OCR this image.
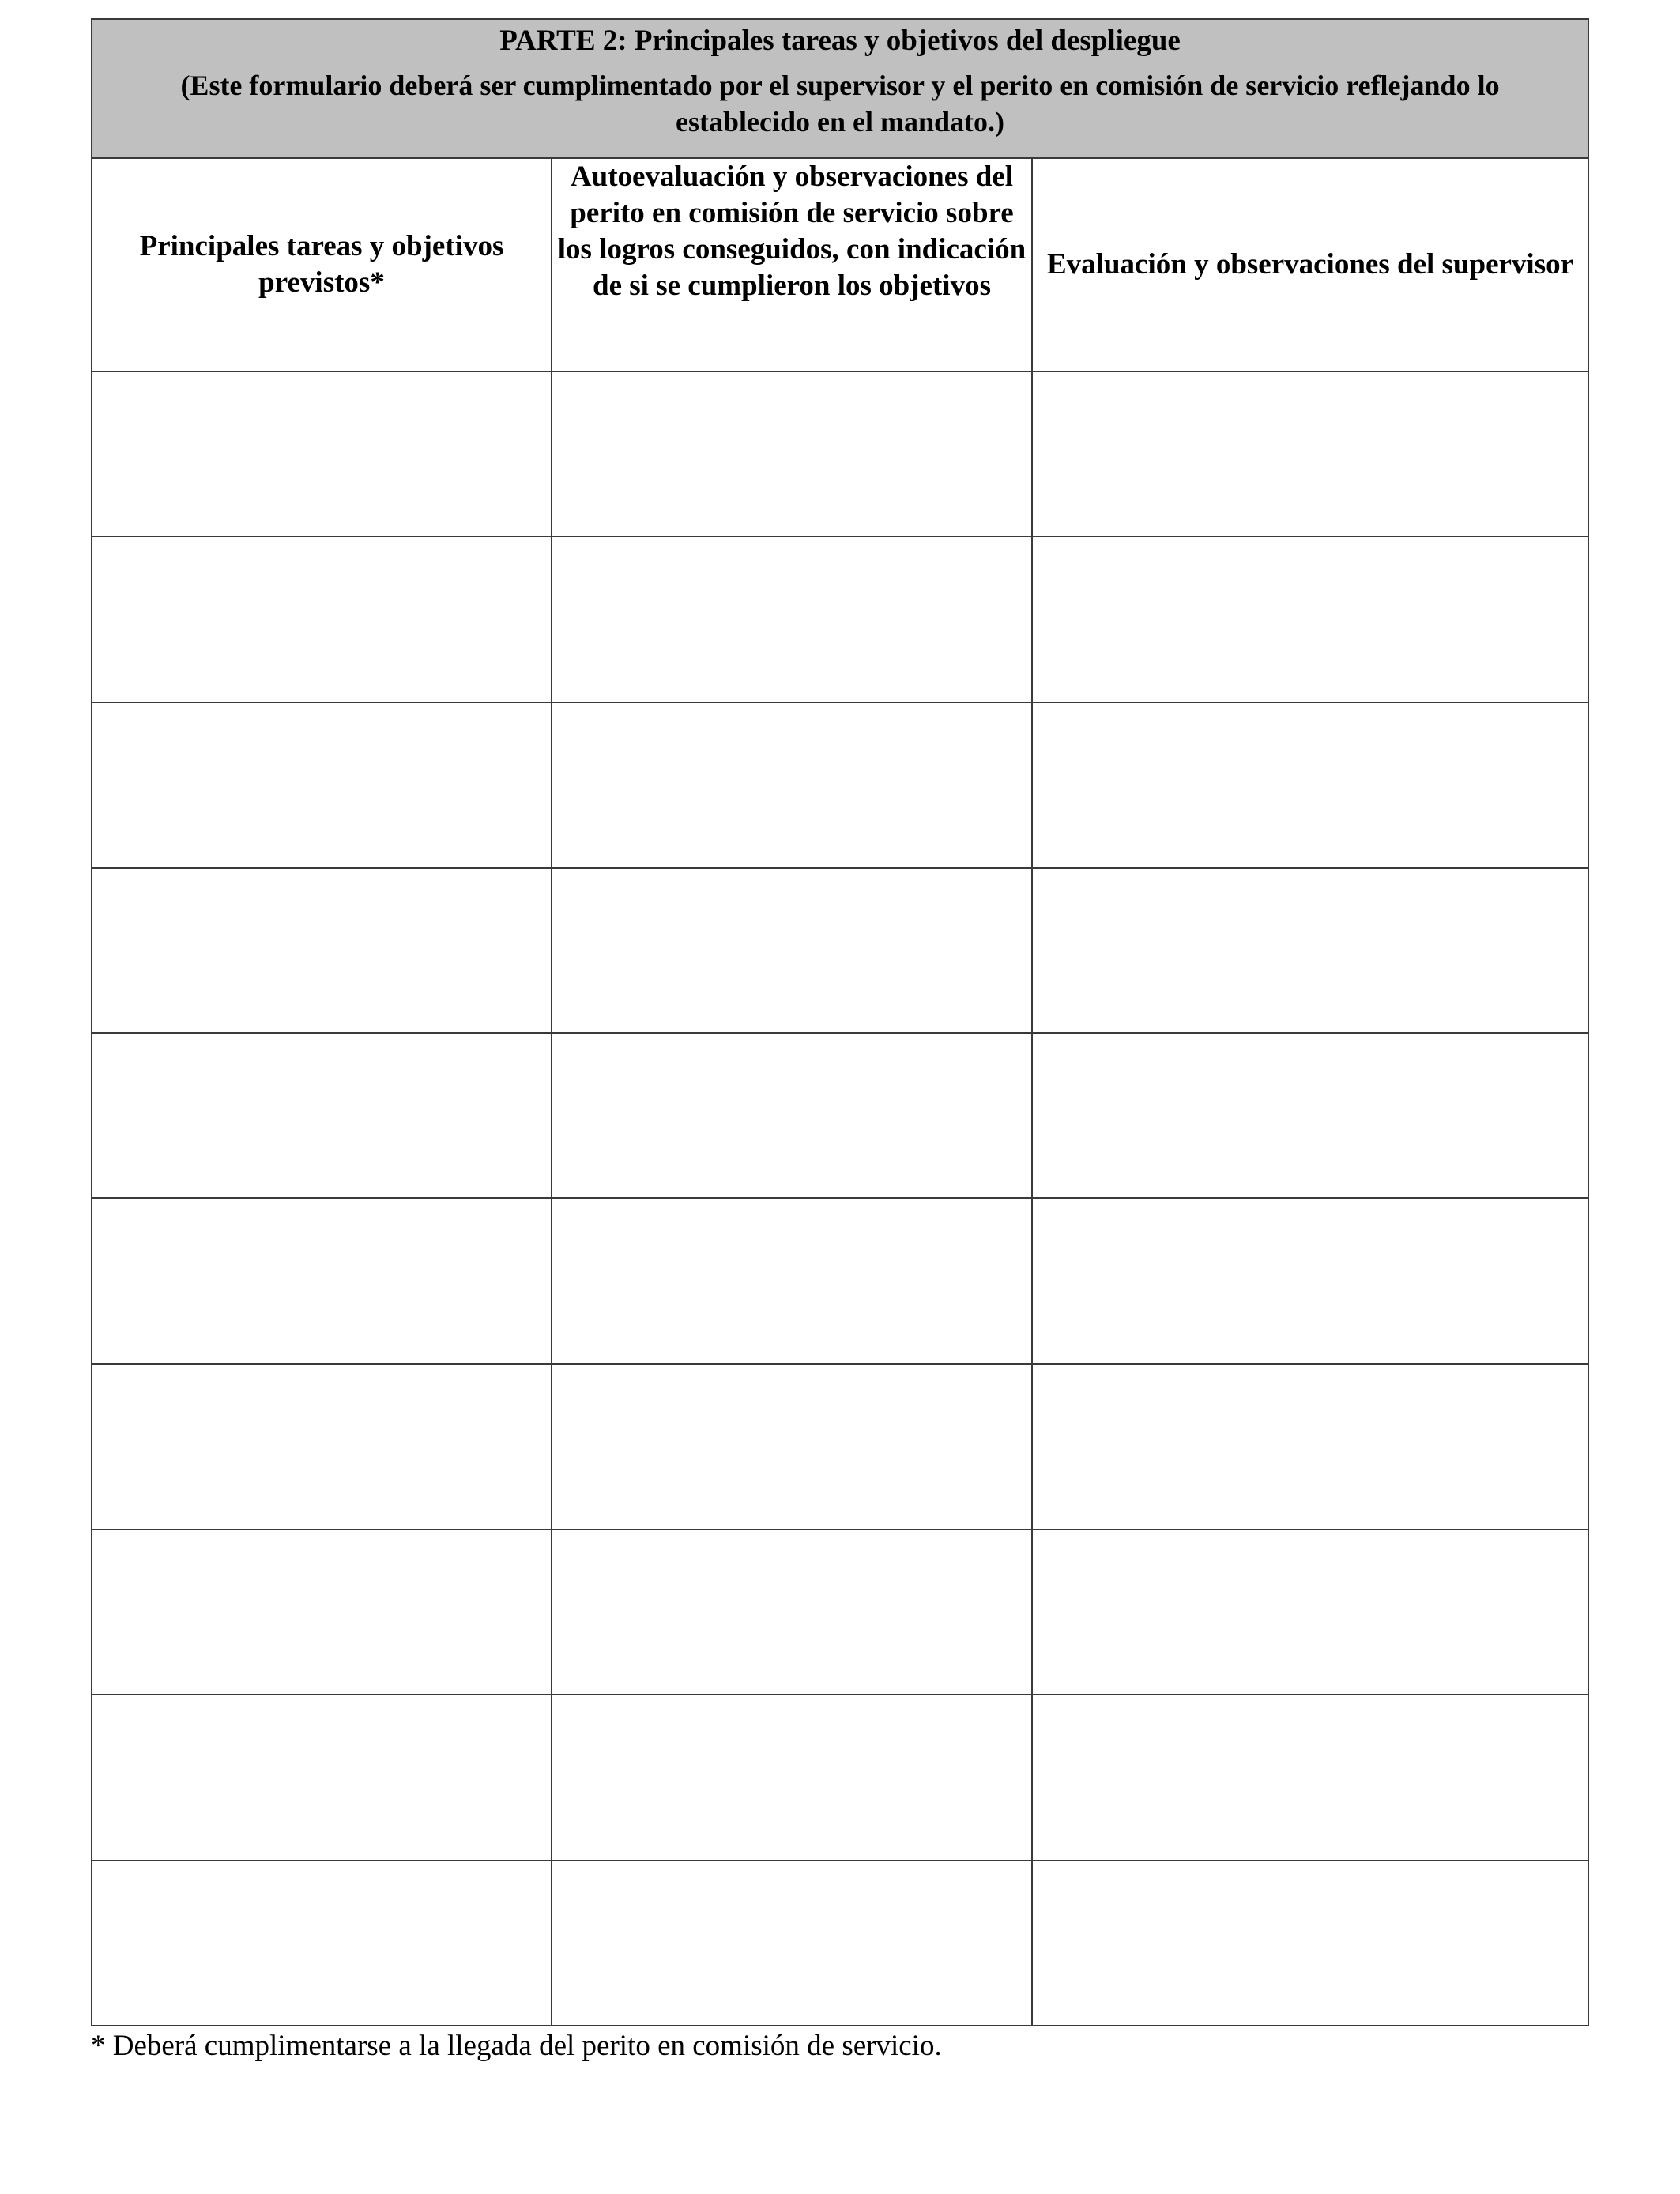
PARTE 2: Principales tareas y objetivos del despliegue
(Este formulario deberá ser cumplimentado por el supervisor y el perito en comisión de servicio reflejando lo establecido en el mandato.)		

Principales tareas y objetivos previstos*	Autoevaluación y observaciones del perito en comisión de servicio sobre los logros conseguidos, con indicación de si se cumplieron los objetivos	Evaluación y observaciones del supervisor

* Deberá cumplimentarse a la llegada del perito en comisión de servicio.
